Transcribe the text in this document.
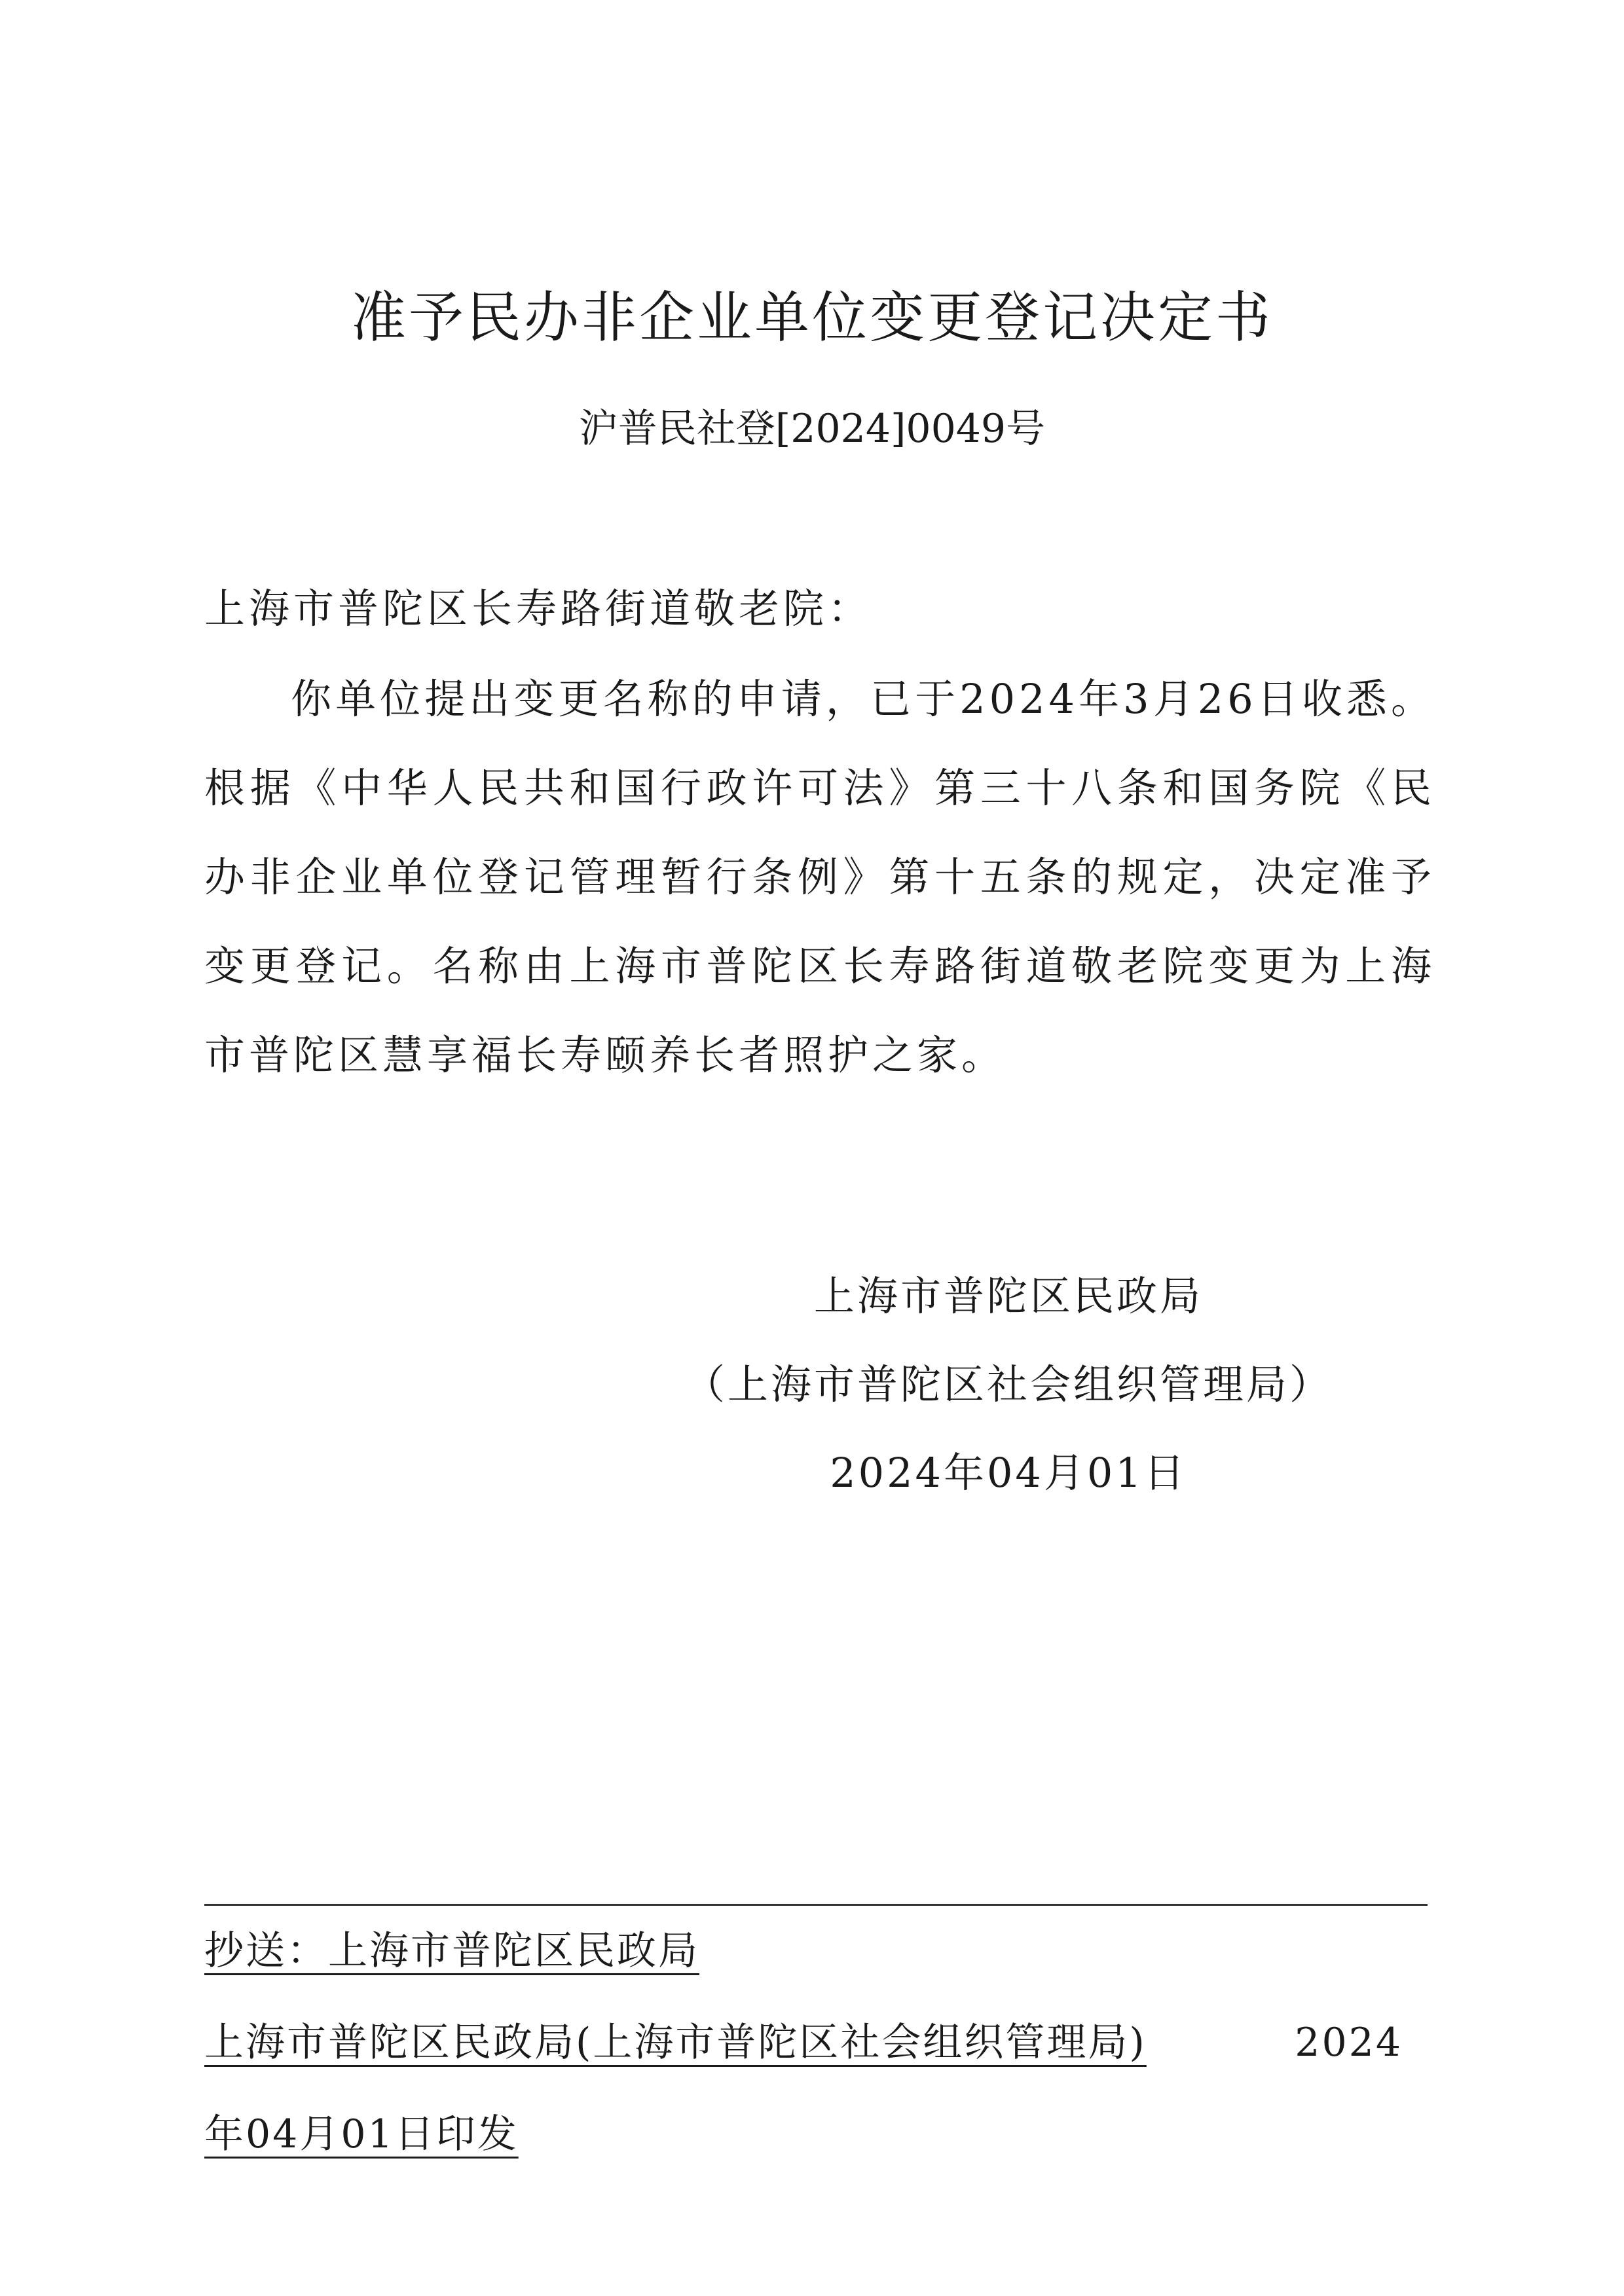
准予民办非企业单位变更登记决定书
沪普民社登[2024]0049号
上海市普陀区长寿路街道敬老院：

你单位提出变更名称的申请，已于2024年3月26日收悉。根据《中华人民共和国行政许可法》第三十八条和国务院《民办非企业单位登记管理暂行条例》第十五条的规定，决定准予变更登记。名称由上海市普陀区长寿路街道敬老院变更为上海市普陀区慧享福长寿颐养长者照护之家。

上海市普陀区民政局
（上海市普陀区社会组织管理局）
2024年04月01日
抄送：上海市普陀区民政局
上海市普陀区民政局(上海市普陀区社会组织管理局)	2024
年04月01日印发
